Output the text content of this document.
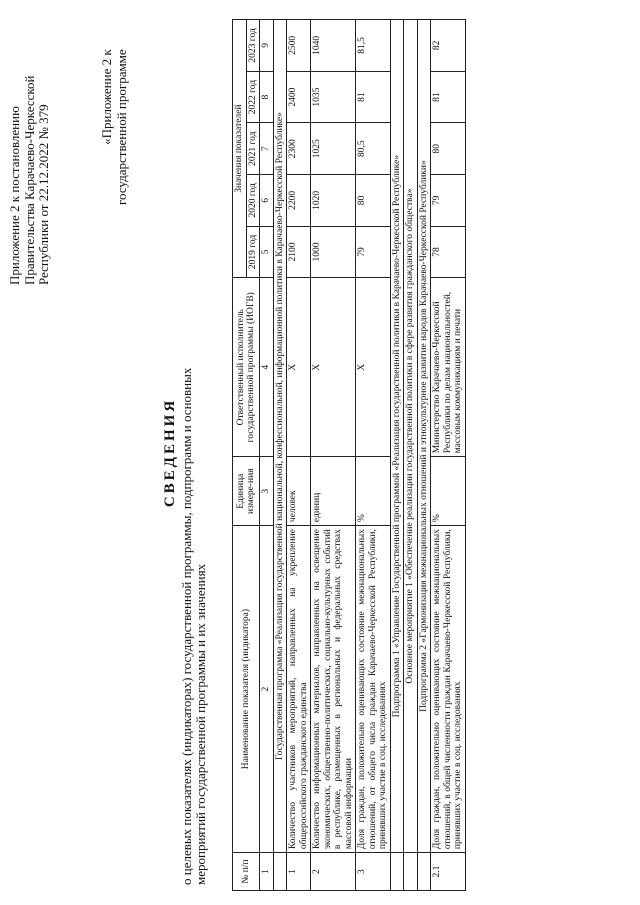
Приложение 2 к постановлению Правительства Карачаево-Черкесской Республики от 22.12.2022 № 379
«Приложение 2 к государственной программе
СВЕДЕНИЯ о целевых показателях (индикаторах) государственной программы, подпрограмм и основных мероприятий государственной программы и их значениях	№ п/п	Наименование показателя (индикатора)	Единица измере-ния	Ответственный исполнитель государственной программы (ИОГВ)	Значения показателей				
				2019 год	2020 год	2021 год	2022 год	2023 год
1	2	3	4	5	6	7	8	9
	Государственная программа «Реализация государственной национальной, конфессиональной, информационной политики в Карачаево-Черкесской Республике»							
1	Количество участников мероприятий, направленных на укрепление общероссийского гражданского единства	человек	Х	2100	2200	2300	2400	2500
2	Количество информационных материалов, направленных на освещение экономических, общественно-политических, социально-культурных событий в республике, размещенных в региональных и федеральных средствах массовой информации	единиц	Х	1000	1020	1025	1035	1040
3	Доля граждан, положительно оценивающих состояние межнациональных отношений, от общего числа граждан Карачаево-Черкесской Республики, принявших участие в соц. исследованиях	%	Х	79	80	80,5	81	81,5
	Подпрограмма 1 «Управление Государственной программой «Реализация государственной политики в Карачаево-Черкесской Республике»							
	Основное мероприятие 1 «Обеспечение реализации государственной политики в сфере развития гражданского общества»							
	Подпрограмма 2 «Гармонизация межнациональных отношений и этнокультурное развитие народов Карачаево-Черкесской Республики»							
2.1	Доля граждан, положительно оценивающих состояние межнациональных отношений, в общей численности граждан Карачаево-Черкесской Республики, принявших участие в соц. исследованиях	%	Министерство Карачаево-Черкесской Республики по делам национальностей, массовым коммуникациям и печати	78	79	80	81	82
